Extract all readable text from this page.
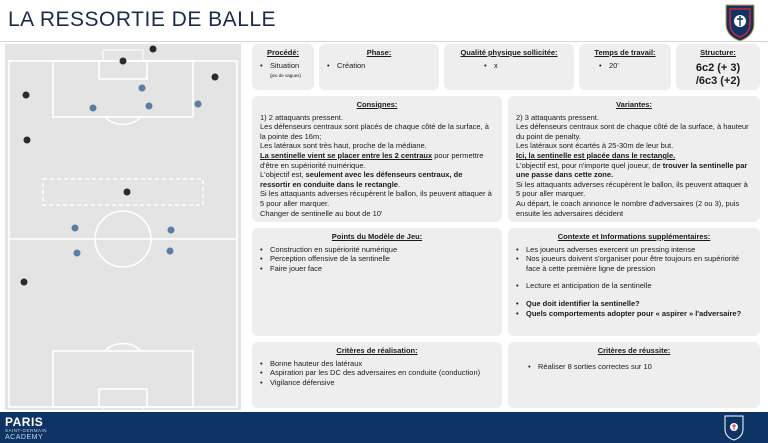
LA RESSORTIE DE BALLE
Procédé:
• Situation
(jeu de vagues)
Phase:
• Création
Qualité physique sollicitée:
• x
Temps de travail:
• 20'
Structure:
6c2 (+ 3)
/6c3 (+2)
Consignes:
1) 2 attaquants pressent.
Les défenseurs centraux sont placés de chaque côté de la surface, à la pointe des 16m;
Les latéraux sont très haut, proche de la médiane.
La sentinelle vient se placer entre les 2 centraux pour permettre d'être en supériorité numérique.
L'objectif est, seulement avec les défenseurs centraux, de ressortir en conduite dans le rectangle.
Si les attaquants adverses récupèrent le ballon, ils peuvent attaquer à 5 pour aller marquer.
Changer de sentinelle au bout de 10'
Variantes:
2) 3 attaquants pressent.
Les défenseurs centraux sont de chaque côté de la surface, à hauteur du point de penalty.
Les latéraux sont écartés à 25-30m de leur but.
Ici, la sentinelle est placée dans le rectangle.
L'objectif est, pour n'importe quel joueur, de trouver la sentinelle par une passe dans cette zone.
Si les attaquants adverses récupèrent le ballon, ils peuvent attaquer à 5 pour aller marquer.
Au départ, le coach annonce le nombre d'adversaires (2 ou 3), puis ensuite les adversaires décident
Points du Modèle de Jeu:
• Construction en supériorité numérique
• Perception offensive de la sentinelle
• Faire jouer face
Contexte et Informations supplémentaires:
• Les joueurs adverses exercent un pressing intense
• Nos joueurs doivent s'organiser pour être toujours en supériorité face à cette première ligne de pression
• Lecture et anticipation de la sentinelle
• Que doit identifier la sentinelle?
• Quels comportements adopter pour « aspirer » l'adversaire?
Critères de réalisation:
• Bonne hauteur des latéraux
• Aspiration par les DC des adversaires en conduite (conduction)
• Vigilance défensive
Critères de réussite:
• Réaliser 8 sorties correctes sur 10
PARIS
SAINT-GERMAIN
ACADEMY
